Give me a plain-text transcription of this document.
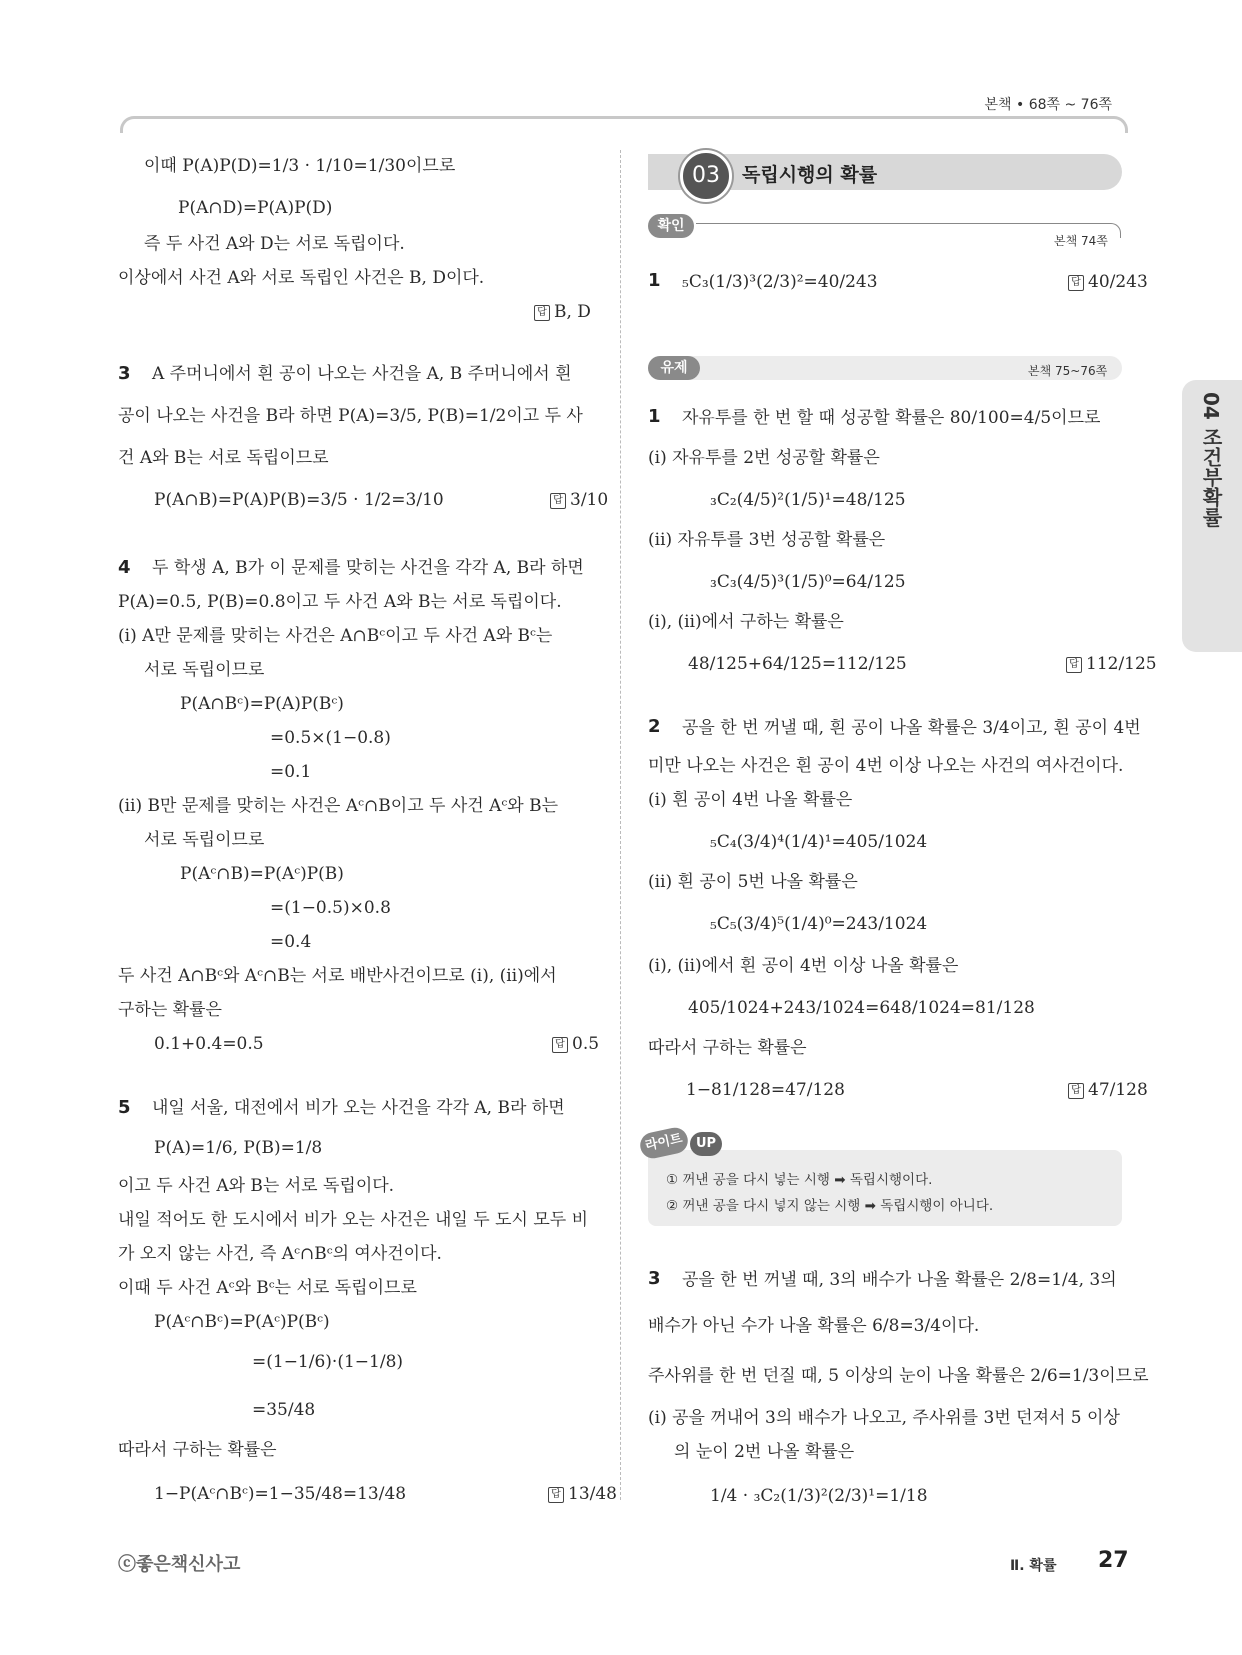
본책 • 68쪽 ~ 76쪽
04 조건부확률
이때 P(A)P(D)=1/3 · 1/10=1/30이므로
P(A∩D)=P(A)P(D)
즉 두 사건 A와 D는 서로 독립이다.
이상에서 사건 A와 서로 독립인 사건은 B, D이다.
답 B, D
3 A 주머니에서 흰 공이 나오는 사건을 A, B 주머니에서 흰
공이 나오는 사건을 B라 하면 P(A)=3/5, P(B)=1/2이고 두 사
건 A와 B는 서로 독립이므로
P(A∩B)=P(A)P(B)=3/5 · 1/2=3/10	답 3/10
4 두 학생 A, B가 이 문제를 맞히는 사건을 각각 A, B라 하면
P(A)=0.5, P(B)=0.8이고 두 사건 A와 B는 서로 독립이다.
(ⅰ) A만 문제를 맞히는 사건은 A∩Bᶜ이고 두 사건 A와 Bᶜ는
서로 독립이므로
P(A∩Bᶜ)=P(A)P(Bᶜ)
=0.5×(1−0.8)
=0.1
(ⅱ) B만 문제를 맞히는 사건은 Aᶜ∩B이고 두 사건 Aᶜ와 B는
서로 독립이므로
P(Aᶜ∩B)=P(Aᶜ)P(B)
=(1−0.5)×0.8
=0.4
두 사건 A∩Bᶜ와 Aᶜ∩B는 서로 배반사건이므로 (ⅰ), (ⅱ)에서
구하는 확률은
0.1+0.4=0.5	답 0.5
5 내일 서울, 대전에서 비가 오는 사건을 각각 A, B라 하면
P(A)=1/6, P(B)=1/8
이고 두 사건 A와 B는 서로 독립이다.
내일 적어도 한 도시에서 비가 오는 사건은 내일 두 도시 모두 비
가 오지 않는 사건, 즉 Aᶜ∩Bᶜ의 여사건이다.
이때 두 사건 Aᶜ와 Bᶜ는 서로 독립이므로
P(Aᶜ∩Bᶜ)=P(Aᶜ)P(Bᶜ)
=(1−1/6)·(1−1/8)
=35/48
따라서 구하는 확률은
1−P(Aᶜ∩Bᶜ)=1−35/48=13/48	답 13/48
03	독립시행의 확률
확인
본책 74쪽
1 ₅C₃(1/3)³(2/3)²=40/243	답 40/243
유제	본책 75~76쪽
1 자유투를 한 번 할 때 성공할 확률은 80/100=4/5이므로
(ⅰ) 자유투를 2번 성공할 확률은
₃C₂(4/5)²(1/5)¹=48/125
(ⅱ) 자유투를 3번 성공할 확률은
₃C₃(4/5)³(1/5)⁰=64/125
(ⅰ), (ⅱ)에서 구하는 확률은
48/125+64/125=112/125	답 112/125
2 공을 한 번 꺼낼 때, 흰 공이 나올 확률은 3/4이고, 흰 공이 4번
미만 나오는 사건은 흰 공이 4번 이상 나오는 사건의 여사건이다.
(ⅰ) 흰 공이 4번 나올 확률은
₅C₄(3/4)⁴(1/4)¹=405/1024
(ⅱ) 흰 공이 5번 나올 확률은
₅C₅(3/4)⁵(1/4)⁰=243/1024
(ⅰ), (ⅱ)에서 흰 공이 4번 이상 나올 확률은
405/1024+243/1024=648/1024=81/128
따라서 구하는 확률은
1−81/128=47/128	답 47/128
라이트 UP
① 꺼낸 공을 다시 넣는 시행 ➡ 독립시행이다.
② 꺼낸 공을 다시 넣지 않는 시행 ➡ 독립시행이 아니다.
3 공을 한 번 꺼낼 때, 3의 배수가 나올 확률은 2/8=1/4, 3의
배수가 아닌 수가 나올 확률은 6/8=3/4이다.
주사위를 한 번 던질 때, 5 이상의 눈이 나올 확률은 2/6=1/3이므로
(ⅰ) 공을 꺼내어 3의 배수가 나오고, 주사위를 3번 던져서 5 이상
의 눈이 2번 나올 확률은
1/4 · ₃C₂(1/3)²(2/3)¹=1/18
ⓒ좋은책신사고	Ⅱ. 확률 27
